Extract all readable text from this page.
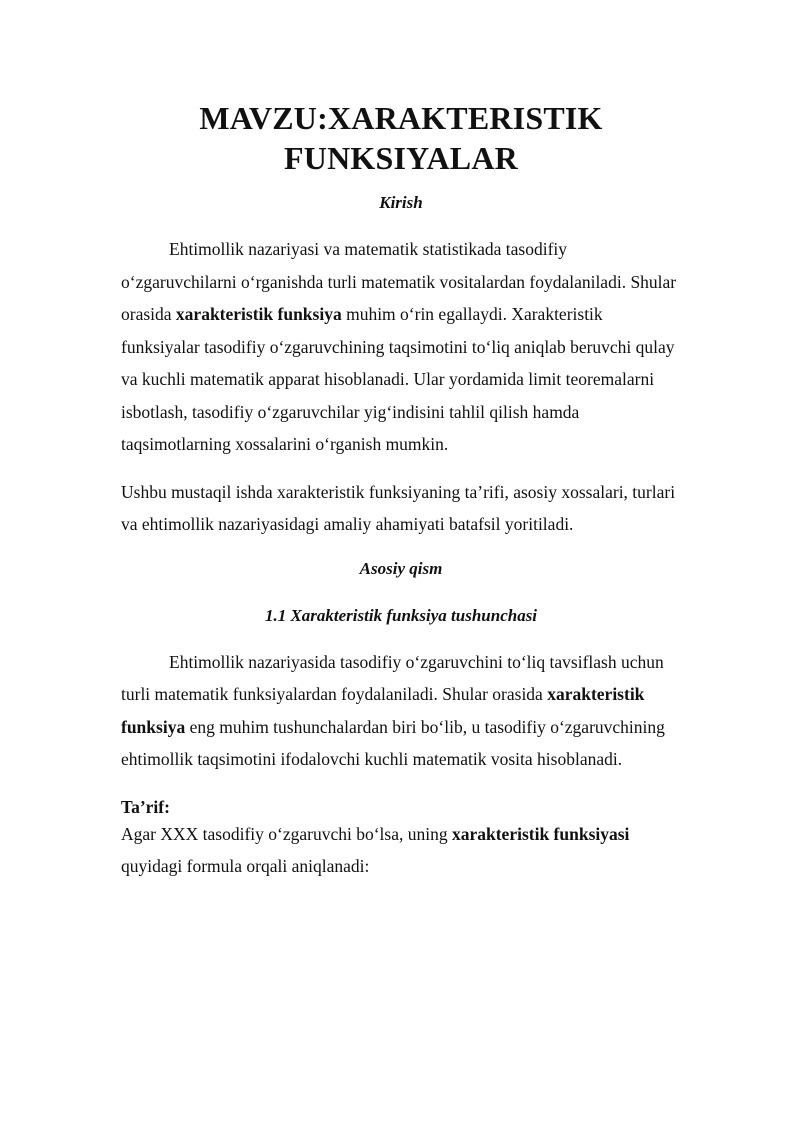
MAVZU:XARAKTERISTIK
FUNKSIYALAR

Kirish

Ehtimollik nazariyasi va matematik statistikada tasodifiy o‘zgaruvchilarni o‘rganishda turli matematik vositalardan foydalaniladi. Shular orasida xarakteristik funksiya muhim o‘rin egallaydi. Xarakteristik funksiyalar tasodifiy o‘zgaruvchining taqsimotini to‘liq aniqlab beruvchi qulay va kuchli matematik apparat hisoblanadi. Ular yordamida limit teoremalarni isbotlash, tasodifiy o‘zgaruvchilar yig‘indisini tahlil qilish hamda taqsimotlarning xossalarini o‘rganish mumkin.

Ushbu mustaqil ishda xarakteristik funksiyaning ta’rifi, asosiy xossalari, turlari va ehtimollik nazariyasidagi amaliy ahamiyati batafsil yoritiladi.

Asosiy qism

1.1 Xarakteristik funksiya tushunchasi

Ehtimollik nazariyasida tasodifiy o‘zgaruvchini to‘liq tavsiflash uchun turli matematik funksiyalardan foydalaniladi. Shular orasida xarakteristik funksiya eng muhim tushunchalardan biri bo‘lib, u tasodifiy o‘zgaruvchining ehtimollik taqsimotini ifodalovchi kuchli matematik vosita hisoblanadi.

Ta’rif:

Agar XXX tasodifiy o‘zgaruvchi bo‘lsa, uning xarakteristik funksiyasi quyidagi formula orqali aniqlanadi:
